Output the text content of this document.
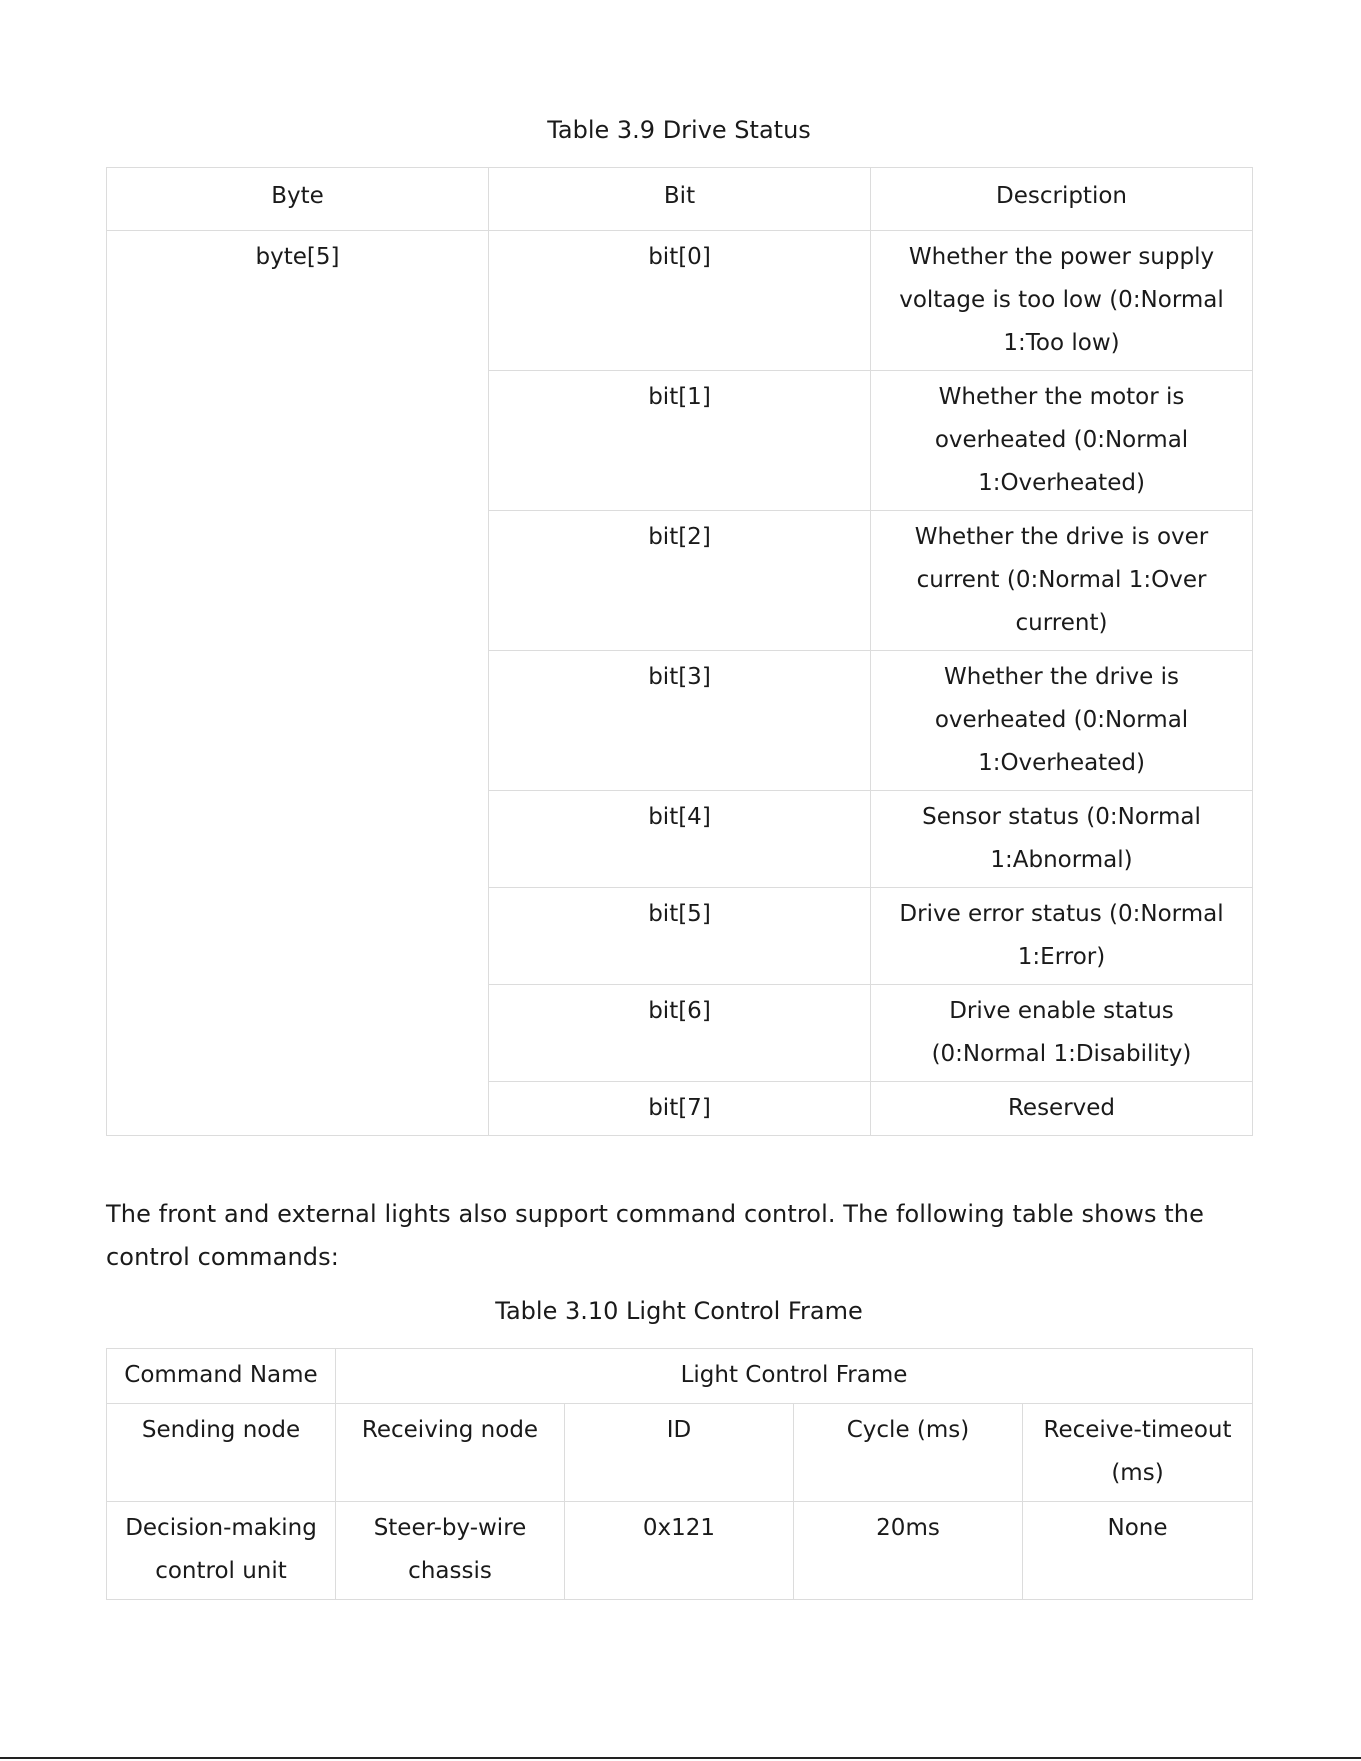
Table 3.9 Drive Status
Byte	Bit	Description
byte[5]	bit[0]	Whether the power supply voltage is too low (0:Normal 1:Too low)
	bit[1]	Whether the motor is overheated (0:Normal 1:Overheated)
	bit[2]	Whether the drive is over current (0:Normal 1:Over current)
	bit[3]	Whether the drive is overheated (0:Normal 1:Overheated)
	bit[4]	Sensor status (0:Normal 1:Abnormal)
	bit[5]	Drive error status (0:Normal 1:Error)
	bit[6]	Drive enable status (0:Normal 1:Disability)
	bit[7]	Reserved
The front and external lights also support command control. The following table shows the control commands:
Table 3.10 Light Control Frame
Command Name	Light Control Frame			
Sending node	Receiving node	ID	Cycle (ms)	Receive-timeout (ms)
Decision-making control unit	Steer-by-wire chassis	0x121	20ms	None
